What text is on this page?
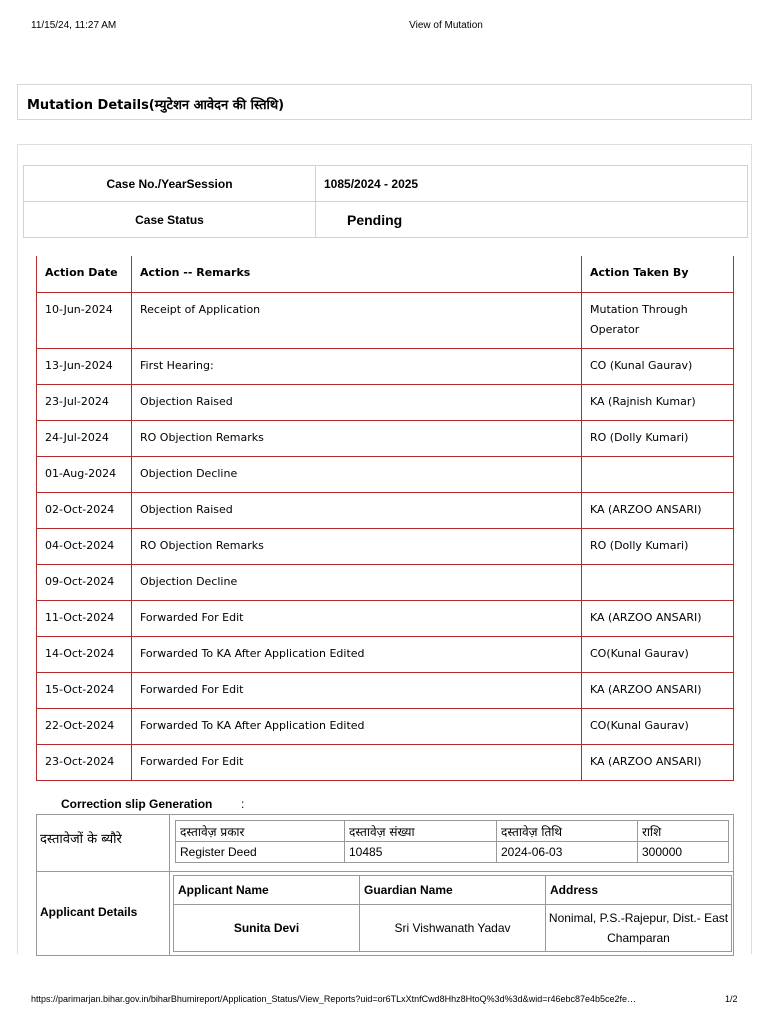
11/15/24, 11:27 AM	View of Mutation
Mutation Details(म्युटेशन आवेदन की स्तिथि)
Case No./YearSession	1085/2024 - 2025
Case Status	Pending
Action Date	Action -- Remarks	Action Taken By
10-Jun-2024	Receipt of Application	Mutation Through Operator
13-Jun-2024	First Hearing:	CO (Kunal Gaurav)
23-Jul-2024	Objection Raised	KA (Rajnish Kumar)
24-Jul-2024	RO Objection Remarks	RO (Dolly Kumari)
01-Aug-2024	Objection Decline	
02-Oct-2024	Objection Raised	KA (ARZOO ANSARI)
04-Oct-2024	RO Objection Remarks	RO (Dolly Kumari)
09-Oct-2024	Objection Decline	
11-Oct-2024	Forwarded For Edit	KA (ARZOO ANSARI)
14-Oct-2024	Forwarded To KA After Application Edited	CO(Kunal Gaurav)
15-Oct-2024	Forwarded For Edit	KA (ARZOO ANSARI)
22-Oct-2024	Forwarded To KA After Application Edited	CO(Kunal Gaurav)
23-Oct-2024	Forwarded For Edit	KA (ARZOO ANSARI)
Correction slip Generation :
दस्तावेजों के ब्यौरे
दस्तावेज़ प्रकार	दस्तावेज़ संख्या	दस्तावेज़ तिथि	राशि
Register Deed	10485	2024-06-03	300000
Applicant Details
Applicant Name	Guardian Name	Address
Sunita Devi	Sri Vishwanath Yadav	Nonimal, P.S.-Rajepur, Dist.- East Champaran
https://parimarjan.bihar.gov.in/biharBhumireport/Application_Status/View_Reports?uid=or6TLxXtnfCwd8Hhz8HtoQ%3d%3d&wid=r46ebc87e4b5ce2fe…	1/2
